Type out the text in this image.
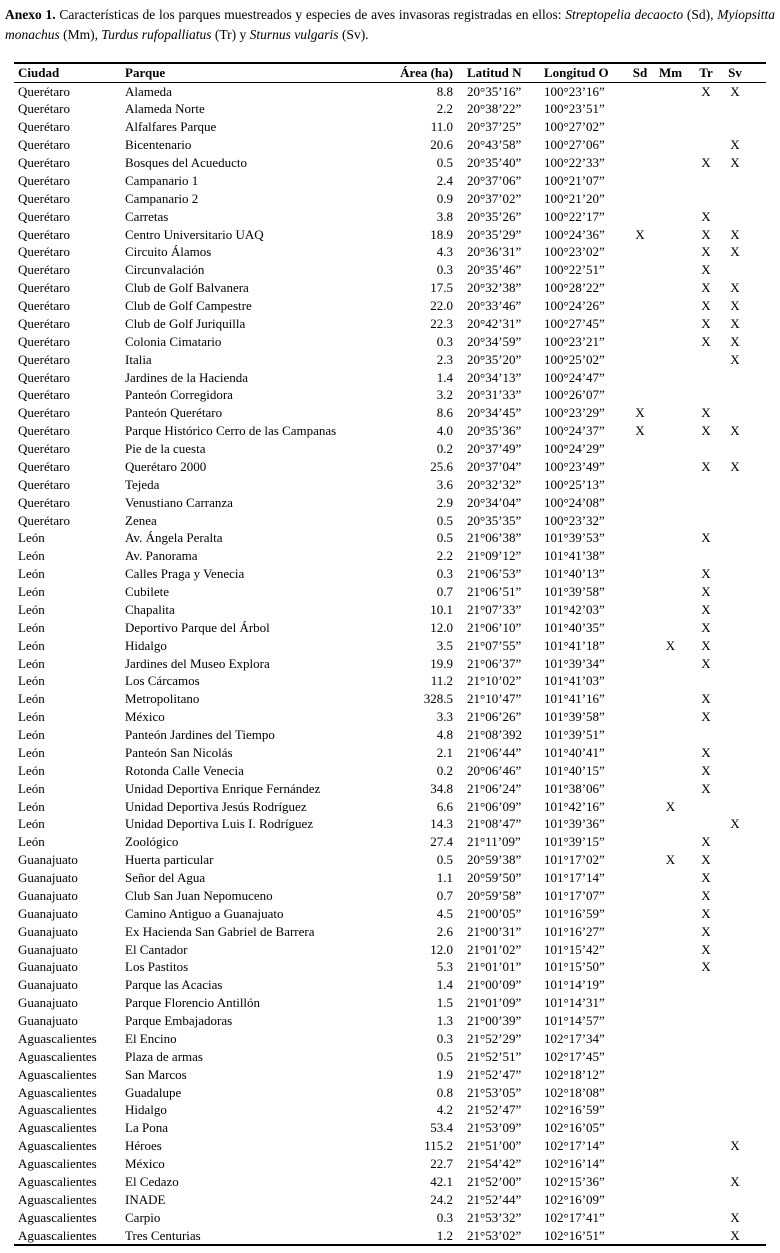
Anexo 1. Características de los parques muestreados y especies de aves invasoras registradas en ellos: Streptopelia decaocto (Sd), Myiopsitta monachus (Mm), Turdus rufopalliatus (Tr) y Sturnus vulgaris (Sv).

Ciudad	Parque	Área (ha)	Latitud N	Longitud O	Sd	Mm	Tr	Sv
Querétaro	Alameda	8.8	20°35’16”	100°23’16”			X	X
Querétaro	Alameda Norte	2.2	20°38’22”	100°23’51”				
Querétaro	Alfalfares Parque	11.0	20°37’25”	100°27’02”				
Querétaro	Bicentenario	20.6	20°43’58”	100°27’06”				X
Querétaro	Bosques del Acueducto	0.5	20°35’40”	100°22’33”			X	X
Querétaro	Campanario 1	2.4	20°37’06”	100°21’07”				
Querétaro	Campanario 2	0.9	20°37’02”	100°21’20”				
Querétaro	Carretas	3.8	20°35’26”	100°22’17”			X	
Querétaro	Centro Universitario UAQ	18.9	20°35’29”	100°24’36”	X		X	X
Querétaro	Circuito Álamos	4.3	20°36’31”	100°23’02”			X	X
Querétaro	Circunvalación	0.3	20°35’46”	100°22’51”			X	
Querétaro	Club de Golf Balvanera	17.5	20°32’38”	100°28’22”			X	X
Querétaro	Club de Golf Campestre	22.0	20°33’46”	100°24’26”			X	X
Querétaro	Club de Golf Juriquilla	22.3	20°42’31”	100°27’45”			X	X
Querétaro	Colonia Cimatario	0.3	20°34’59”	100°23’21”			X	X
Querétaro	Italia	2.3	20°35’20”	100°25’02”				X
Querétaro	Jardines de la Hacienda	1.4	20°34’13”	100°24’47”				
Querétaro	Panteón Corregidora	3.2	20°31’33”	100°26’07”				
Querétaro	Panteón Querétaro	8.6	20°34’45”	100°23’29”	X		X	
Querétaro	Parque Histórico Cerro de las Campanas	4.0	20°35’36”	100°24’37”	X		X	X
Querétaro	Pie de la cuesta	0.2	20°37’49”	100°24’29”				
Querétaro	Querétaro 2000	25.6	20°37’04”	100°23’49”			X	X
Querétaro	Tejeda	3.6	20°32’32”	100°25’13”				
Querétaro	Venustiano Carranza	2.9	20°34’04”	100°24’08”				
Querétaro	Zenea	0.5	20°35’35”	100°23’32”				
León	Av. Ángela Peralta	0.5	21°06’38”	101°39’53”			X	
León	Av. Panorama	2.2	21°09’12”	101°41’38”				
León	Calles Praga y Venecia	0.3	21°06’53”	101°40’13”			X	
León	Cubilete	0.7	21°06’51”	101°39’58”			X	
León	Chapalita	10.1	21°07’33”	101°42’03”			X	
León	Deportivo Parque del Árbol	12.0	21°06’10”	101°40’35”			X	
León	Hidalgo	3.5	21°07’55”	101°41’18”		X	X	
León	Jardines del Museo Explora	19.9	21°06’37”	101°39’34”			X	
León	Los Cárcamos	11.2	21°10’02”	101°41’03”				
León	Metropolitano	328.5	21°10’47”	101°41’16”			X	
León	México	3.3	21°06’26”	101°39’58”			X	
León	Panteón Jardines del Tiempo	4.8	21°08’392	101°39’51”				
León	Panteón San Nicolás	2.1	21°06’44”	101°40’41”			X	
León	Rotonda Calle Venecia	0.2	20°06’46”	101°40’15”			X	
León	Unidad Deportiva Enrique Fernández	34.8	21°06’24”	101°38’06”			X	
León	Unidad Deportiva Jesús Rodríguez	6.6	21°06’09”	101°42’16”		X		
León	Unidad Deportiva Luis I. Rodríguez	14.3	21°08’47”	101°39’36”				X
León	Zoológico	27.4	21°11’09”	101°39’15”			X	
Guanajuato	Huerta particular	0.5	20°59’38”	101°17’02”		X	X	
Guanajuato	Señor del Agua	1.1	20°59’50”	101°17’14”			X	
Guanajuato	Club San Juan Nepomuceno	0.7	20°59’58”	101°17’07”			X	
Guanajuato	Camino Antiguo a Guanajuato	4.5	21°00’05”	101°16’59”			X	
Guanajuato	Ex Hacienda San Gabriel de Barrera	2.6	21°00’31”	101°16’27”			X	
Guanajuato	El Cantador	12.0	21°01’02”	101°15’42”			X	
Guanajuato	Los Pastitos	5.3	21°01’01”	101°15’50”			X	
Guanajuato	Parque las Acacias	1.4	21°00’09”	101°14’19”				
Guanajuato	Parque Florencio Antillón	1.5	21°01’09”	101°14’31”				
Guanajuato	Parque Embajadoras	1.3	21°00’39”	101°14’57”				
Aguascalientes	El Encino	0.3	21°52’29”	102°17’34”				
Aguascalientes	Plaza de armas	0.5	21°52’51”	102°17’45”				
Aguascalientes	San Marcos	1.9	21°52’47”	102°18’12”				
Aguascalientes	Guadalupe	0.8	21°53’05”	102°18’08”				
Aguascalientes	Hidalgo	4.2	21°52’47”	102°16’59”				
Aguascalientes	La Pona	53.4	21°53’09”	102°16’05”				
Aguascalientes	Héroes	115.2	21°51’00”	102°17’14”				X
Aguascalientes	México	22.7	21°54’42”	102°16’14”				
Aguascalientes	El Cedazo	42.1	21°52’00”	102°15’36”				X
Aguascalientes	INADE	24.2	21°52’44”	102°16’09”				
Aguascalientes	Carpio	0.3	21°53’32”	102°17’41”				X
Aguascalientes	Tres Centurias	1.2	21°53’02”	102°16’51”				X
